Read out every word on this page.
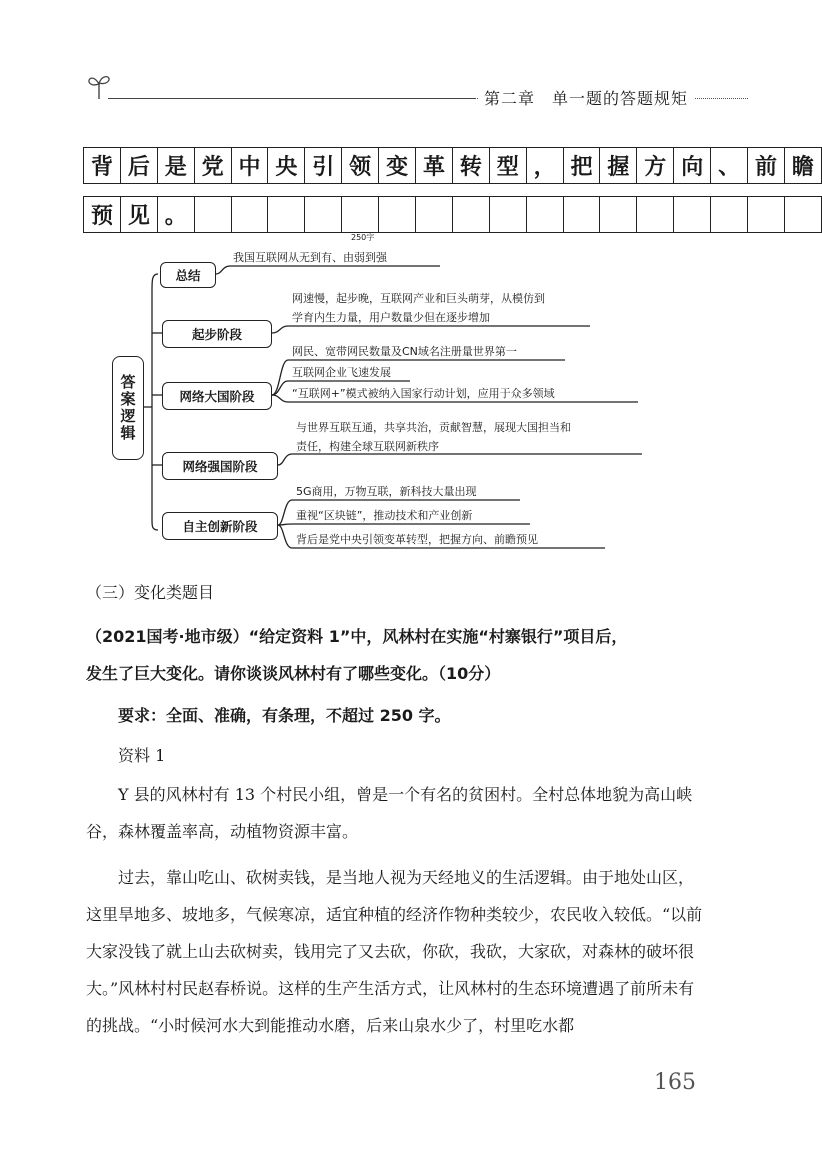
第二章　单一题的答题规矩
背 后 是 党 中 央 引 领 变 革 转 型 ， 把 握 方 向 、 前 瞻
预 见 。
250字
答案逻辑
总结
起步阶段
网络大国阶段
网络强国阶段
自主创新阶段
我国互联网从无到有、由弱到强
网速慢，起步晚，互联网产业和巨头萌芽，从模仿到
学育内生力量，用户数量少但在逐步增加
网民、宽带网民数量及CN域名注册量世界第一
互联网企业飞速发展
“互联网+”模式被纳入国家行动计划，应用于众多领域
与世界互联互通，共享共治，贡献智慧，展现大国担当和
责任，构建全球互联网新秩序
5G商用，万物互联，新科技大量出现
重视“区块链”，推动技术和产业创新
背后是党中央引领变革转型，把握方向、前瞻预见
（三）变化类题目
（2021国考·地市级）“给定资料 1”中，风林村在实施“村寨银行”项目后，
发生了巨大变化。请你谈谈风林村有了哪些变化。（10分）
要求：全面、准确，有条理，不超过 250 字。
资料 1
Y 县的风林村有 13 个村民小组，曾是一个有名的贫困村。全村总体地貌为高山峡谷，森林覆盖率高，动植物资源丰富。
过去，靠山吃山、砍树卖钱，是当地人视为天经地义的生活逻辑。由于地处山区，这里旱地多、坡地多，气候寒凉，适宜种植的经济作物种类较少，农民收入较低。“以前大家没钱了就上山去砍树卖，钱用完了又去砍，你砍，我砍，大家砍，对森林的破坏很大。”风林村村民赵春桥说。这样的生产生活方式，让风林村的生态环境遭遇了前所未有的挑战。“小时候河水大到能推动水磨，后来山泉水少了，村里吃水都
165
